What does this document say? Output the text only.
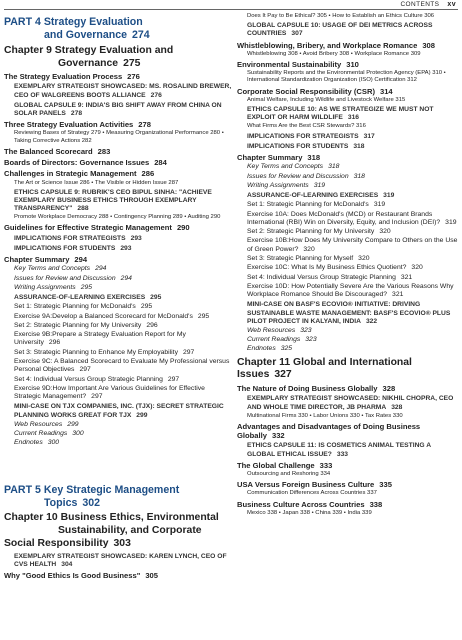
CONTENTS xv
PART 4 Strategy Evaluation
and Governance 274
Chapter 9 Strategy Evaluation and
Governance 275
The Strategy Evaluation Process 276
EXEMPLARY STRATEGIST SHOWCASED: MS. ROSALIND BREWER, CEO OF WALGREENS BOOTS ALLIANCE 276
GLOBAL CAPSULE 9: INDIA'S BIG SHIFT AWAY FROM CHINA ON SOLAR PANELS 278
Three Strategy Evaluation Activities 278
Reviewing Bases of Strategy 279 • Measuring Organizational Performance 280 • Taking Corrective Actions 282
The Balanced Scorecard 283
Boards of Directors: Governance Issues 284
Challenges in Strategic Management 286
The Art or Science Issue 286 • The Visible or Hidden Issue 287
ETHICS CAPSULE 9: RUBRIK'S CEO BIPUL SINHA: "ACHIEVE EXEMPLARY BUSINESS ETHICS THROUGH EXEMPLARY TRANSPARENCY" 288
Promote Workplace Democracy 288 • Contingency Planning 289 • Auditing 290
Guidelines for Effective Strategic Management 290
IMPLICATIONS FOR STRATEGISTS 293
IMPLICATIONS FOR STUDENTS 293
Chapter Summary 294
Key Terms and Concepts 294
Issues for Review and Discussion 294
Writing Assignments 295
ASSURANCE-OF-LEARNING EXERCISES 295
Set 1: Strategic Planning for McDonald's 295
Exercise 9A:Develop a Balanced Scorecard for McDonald's 295
Set 2: Strategic Planning for My University 296
Exercise 9B:Prepare a Strategy Evaluation Report for My University 296
Set 3: Strategic Planning to Enhance My Employability 297
Exercise 9C: A Balanced Scorecard to Evaluate My Professional versus Personal Objectives 297
Set 4: Individual Versus Group Strategic Planning 297
Exercise 9D:How Important Are Various Guidelines for Effective Strategic Management? 297
MINI-CASE ON TJX COMPANIES, INC. (TJX): SECRET STRATEGIC PLANNING WORKS GREAT FOR TJX 299
Web Resources 299
Current Readings 300
Endnotes 300
PART 5 Key Strategic Management
Topics 302
Chapter 10 Business Ethics, Environmental
Sustainability, and Corporate Social Responsibility 303
EXEMPLARY STRATEGIST SHOWCASED: KAREN LYNCH, CEO OF CVS HEALTH 304
Why "Good Ethics Is Good Business" 305
Does It Pay to Be Ethical? 305 • How to Establish an Ethics Culture 306
GLOBAL CAPSULE 10: USAGE OF DEI METRICS ACROSS COUNTRIES 307
Whistleblowing, Bribery, and Workplace Romance 308
Whistleblowing 308 • Avoid Bribery 308 • Workplace Romance 309
Environmental Sustainability 310
Sustainability Reports and the Environmental Protection Agency (EPA) 310 • International Standardization Organization (ISO) Certification 312
Corporate Social Responsibility (CSR) 314
Animal Welfare, Including Wildlife and Livestock Welfare 315
ETHICS CAPSULE 10: AS WE STRATEGIZE WE MUST NOT EXPLOIT OR HARM WILDLIFE 316
What Firms Are the Best CSR Stewards? 316
IMPLICATIONS FOR STRATEGISTS 317
IMPLICATIONS FOR STUDENTS 318
Chapter Summary 318
Key Terms and Concepts 318
Issues for Review and Discussion 318
Writing Assignments 319
ASSURANCE-OF-LEARNING EXERCISES 319
Set 1: Strategic Planning for McDonald's 319
Exercise 10A: Does McDonald's (MCD) or Restaurant Brands International (RBI) Win on Diversity, Equity, and Inclusion (DEI)? 319
Set 2: Strategic Planning for My University 320
Exercise 10B:How Does My University Compare to Others on the Use of Green Power? 320
Set 3: Strategic Planning for Myself 320
Exercise 10C: What Is My Business Ethics Quotient? 320
Set 4: Individual Versus Group Strategic Planning 321
Exercise 10D: How Potentially Severe Are the Various Reasons Why Workplace Romance Should Be Discouraged? 321
MINI-CASE ON BASF'S ECOVIO® INITIATIVE: DRIVING SUSTAINABLE WASTE MANAGEMENT: BASF'S ECOVIO® PLUS PILOT PROJECT IN KALYANI, INDIA 322
Web Resources 323
Current Readings 323
Endnotes 325
Chapter 11 Global and International Issues 327
The Nature of Doing Business Globally 328
EXEMPLARY STRATEGIST SHOWCASED: NIKHIL CHOPRA, CEO AND WHOLE TIME DIRECTOR, JB PHARMA 328
Multinational Firms 330 • Labor Unions 330 • Tax Rates 330
Advantages and Disadvantages of Doing Business Globally 332
ETHICS CAPSULE 11: IS COSMETICS ANIMAL TESTING A GLOBAL ETHICAL ISSUE? 333
The Global Challenge 333
Outsourcing and Reshoring 334
USA Versus Foreign Business Culture 335
Communication Differences Across Countries 337
Business Culture Across Countries 338
Mexico 338 • Japan 338 • China 339 • India 339
